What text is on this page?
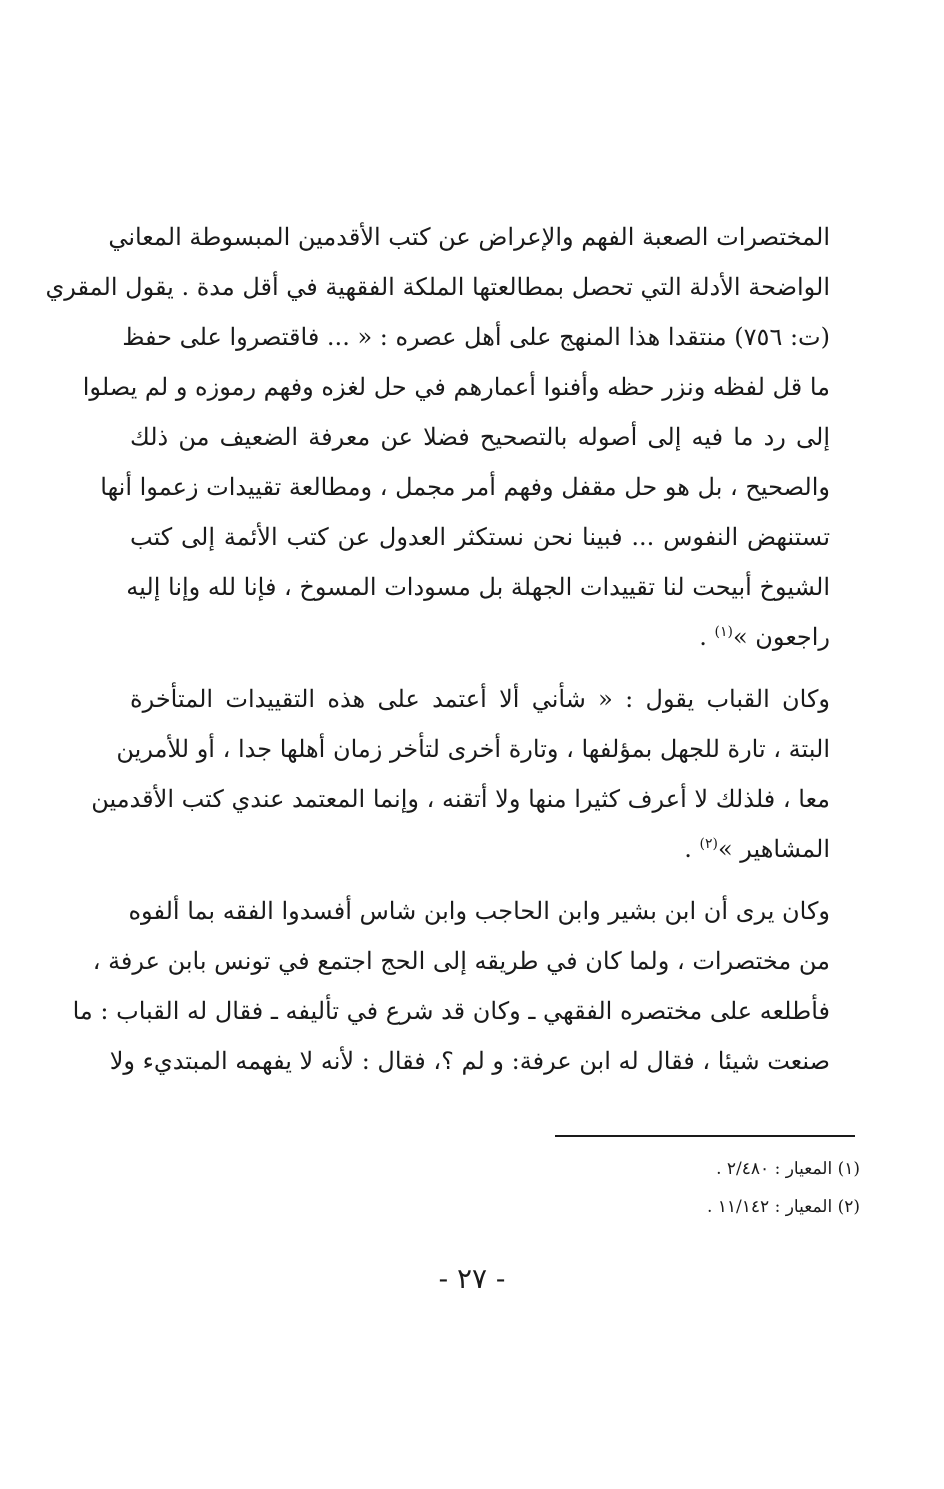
المختصرات الصعبة الفهم والإعراض عن كتب الأقدمين المبسوطة المعاني
الواضحة الأدلة التي تحصل بمطالعتها الملكة الفقهية في أقل مدة . يقول المقري
(ت: ٧٥٦) منتقدا هذا المنهج على أهل عصره : « ... فاقتصروا على حفظ
ما قل لفظه ونزر حظه وأفنوا أعمارهم في حل لغزه وفهم رموزه و لم يصلوا
إلى رد ما فيه إلى أصوله بالتصحيح فضلا عن معرفة الضعيف من ذلك
والصحيح ، بل هو حل مقفل وفهم أمر مجمل ، ومطالعة تقييدات زعموا أنها
تستنهض النفوس ... فبينا نحن نستكثر العدول عن كتب الأئمة إلى كتب
الشيوخ أبيحت لنا تقييدات الجهلة بل مسودات المسوخ ، فإنا لله وإنا إليه
راجعون »$^{(١)}$ .

وكان القباب يقول : « شأني ألا أعتمد على هذه التقييدات المتأخرة
البتة ، تارة للجهل بمؤلفها ، وتارة أخرى لتأخر زمان أهلها جدا ، أو للأمرين
معا ، فلذلك لا أعرف كثيرا منها ولا أتقنه ، وإنما المعتمد عندي كتب الأقدمين
المشاهير »$^{(٢)}$ .

وكان يرى أن ابن بشير وابن الحاجب وابن شاس أفسدوا الفقه بما ألفوه
من مختصرات ، ولما كان في طريقه إلى الحج اجتمع في تونس بابن عرفة ،
فأطلعه على مختصره الفقهي ـ وكان قد شرع في تأليفه ـ فقال له القباب : ما
صنعت شيئا ، فقال له ابن عرفة: و لم ؟، فقال : لأنه لا يفهمه المبتديء ولا

(١) المعيار : ٢/٤٨٠ .
(٢) المعيار : ١١/١٤٢ .
- ٢٧ -
